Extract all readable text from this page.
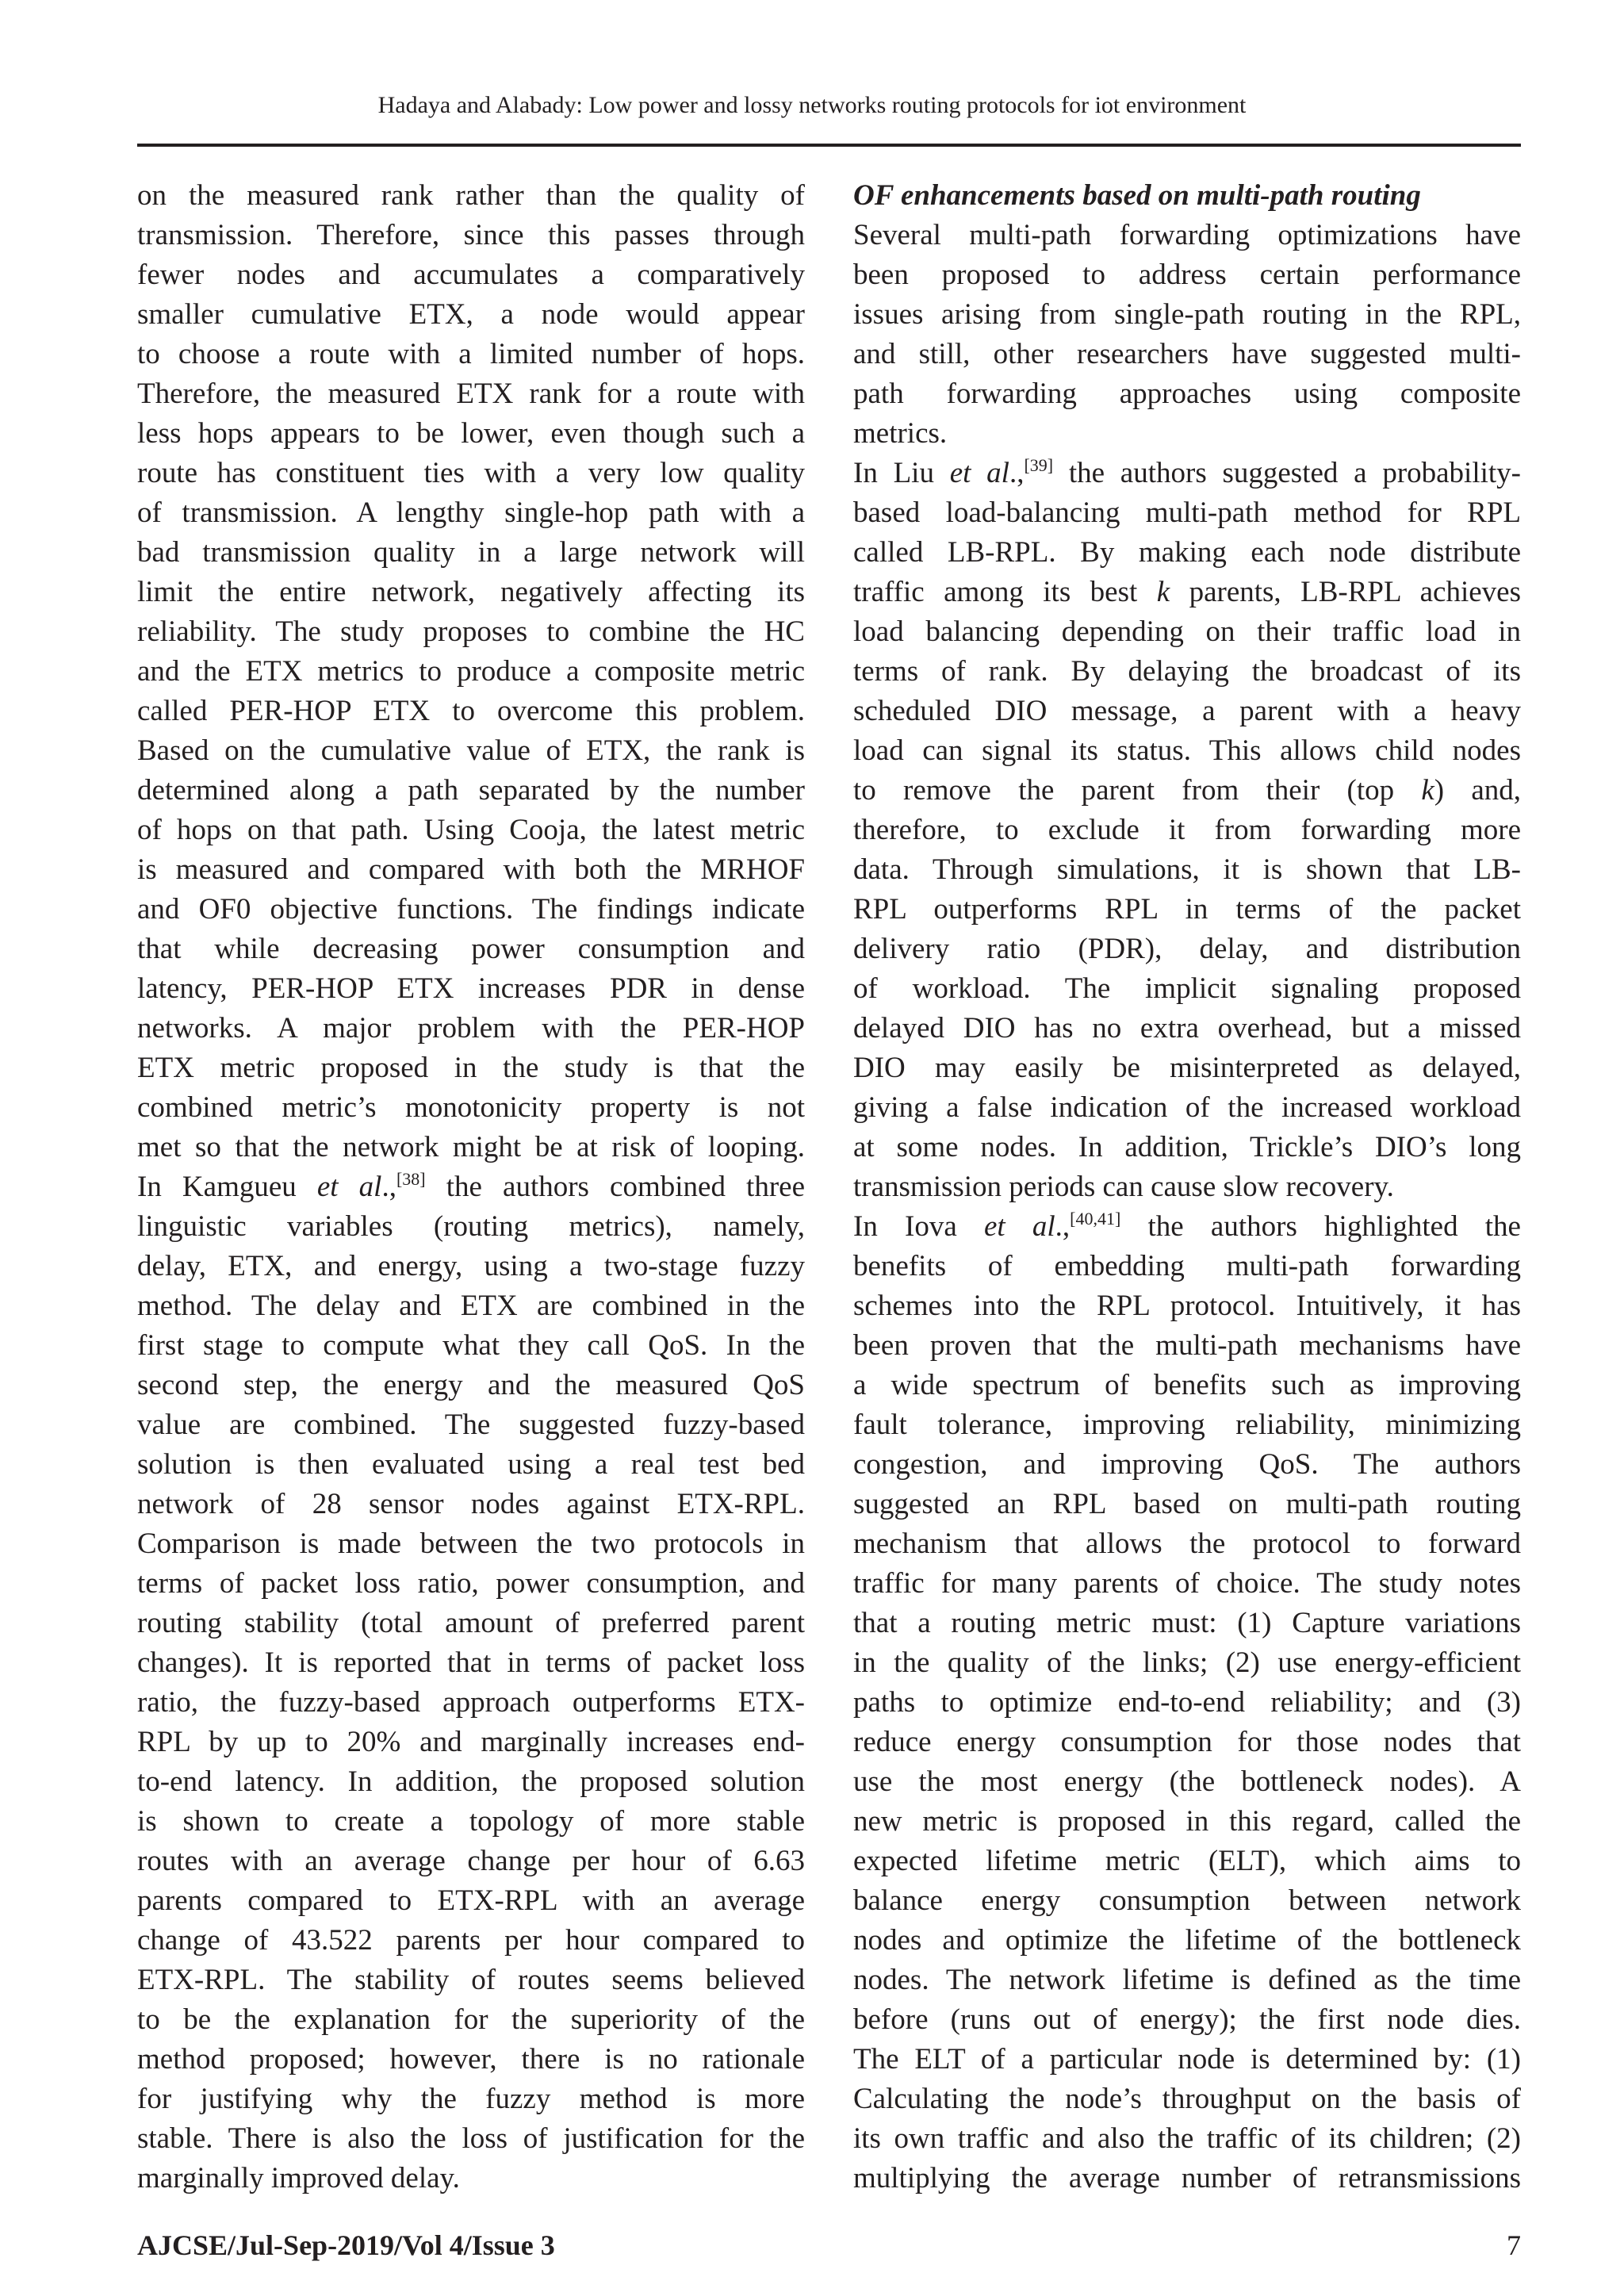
Hadaya and Alabady: Low power and lossy networks routing protocols for iot environment
on the measured rank rather than the quality of
transmission. Therefore, since this passes through
fewer nodes and accumulates a comparatively
smaller cumulative ETX, a node would appear
to choose a route with a limited number of hops.
Therefore, the measured ETX rank for a route with
less hops appears to be lower, even though such a
route has constituent ties with a very low quality
of transmission. A lengthy single-hop path with a
bad transmission quality in a large network will
limit the entire network, negatively affecting its
reliability. The study proposes to combine the HC
and the ETX metrics to produce a composite metric
called PER-HOP ETX to overcome this problem.
Based on the cumulative value of ETX, the rank is
determined along a path separated by the number
of hops on that path. Using Cooja, the latest metric
is measured and compared with both the MRHOF
and OF0 objective functions. The findings indicate
that while decreasing power consumption and
latency, PER-HOP ETX increases PDR in dense
networks. A major problem with the PER-HOP
ETX metric proposed in the study is that the
combined metric’s monotonicity property is not
met so that the network might be at risk of looping.
In Kamgueu et al.,[38] the authors combined three
linguistic variables (routing metrics), namely,
delay, ETX, and energy, using a two-stage fuzzy
method. The delay and ETX are combined in the
first stage to compute what they call QoS. In the
second step, the energy and the measured QoS
value are combined. The suggested fuzzy-based
solution is then evaluated using a real test bed
network of 28 sensor nodes against ETX-RPL.
Comparison is made between the two protocols in
terms of packet loss ratio, power consumption, and
routing stability (total amount of preferred parent
changes). It is reported that in terms of packet loss
ratio, the fuzzy-based approach outperforms ETX-
RPL by up to 20% and marginally increases end-
to-end latency. In addition, the proposed solution
is shown to create a topology of more stable
routes with an average change per hour of 6.63
parents compared to ETX-RPL with an average
change of 43.522 parents per hour compared to
ETX-RPL. The stability of routes seems believed
to be the explanation for the superiority of the
method proposed; however, there is no rationale
for justifying why the fuzzy method is more
stable. There is also the loss of justification for the
marginally improved delay.
OF enhancements based on multi-path routing
Several multi-path forwarding optimizations have
been proposed to address certain performance
issues arising from single-path routing in the RPL,
and still, other researchers have suggested multi-
path forwarding approaches using composite
metrics.
In Liu et al.,[39] the authors suggested a probability-
based load-balancing multi-path method for RPL
called LB-RPL. By making each node distribute
traffic among its best k parents, LB-RPL achieves
load balancing depending on their traffic load in
terms of rank. By delaying the broadcast of its
scheduled DIO message, a parent with a heavy
load can signal its status. This allows child nodes
to remove the parent from their (top k) and,
therefore, to exclude it from forwarding more
data. Through simulations, it is shown that LB-
RPL outperforms RPL in terms of the packet
delivery ratio (PDR), delay, and distribution
of workload. The implicit signaling proposed
delayed DIO has no extra overhead, but a missed
DIO may easily be misinterpreted as delayed,
giving a false indication of the increased workload
at some nodes. In addition, Trickle’s DIO’s long
transmission periods can cause slow recovery.
In Iova et al.,[40,41] the authors highlighted the
benefits of embedding multi-path forwarding
schemes into the RPL protocol. Intuitively, it has
been proven that the multi-path mechanisms have
a wide spectrum of benefits such as improving
fault tolerance, improving reliability, minimizing
congestion, and improving QoS. The authors
suggested an RPL based on multi-path routing
mechanism that allows the protocol to forward
traffic for many parents of choice. The study notes
that a routing metric must: (1) Capture variations
in the quality of the links; (2) use energy-efficient
paths to optimize end-to-end reliability; and (3)
reduce energy consumption for those nodes that
use the most energy (the bottleneck nodes). A
new metric is proposed in this regard, called the
expected lifetime metric (ELT), which aims to
balance energy consumption between network
nodes and optimize the lifetime of the bottleneck
nodes. The network lifetime is defined as the time
before (runs out of energy); the first node dies.
The ELT of a particular node is determined by: (1)
Calculating the node’s throughput on the basis of
its own traffic and also the traffic of its children; (2)
multiplying the average number of retransmissions
AJCSE/Jul-Sep-2019/Vol 4/Issue 3	7
